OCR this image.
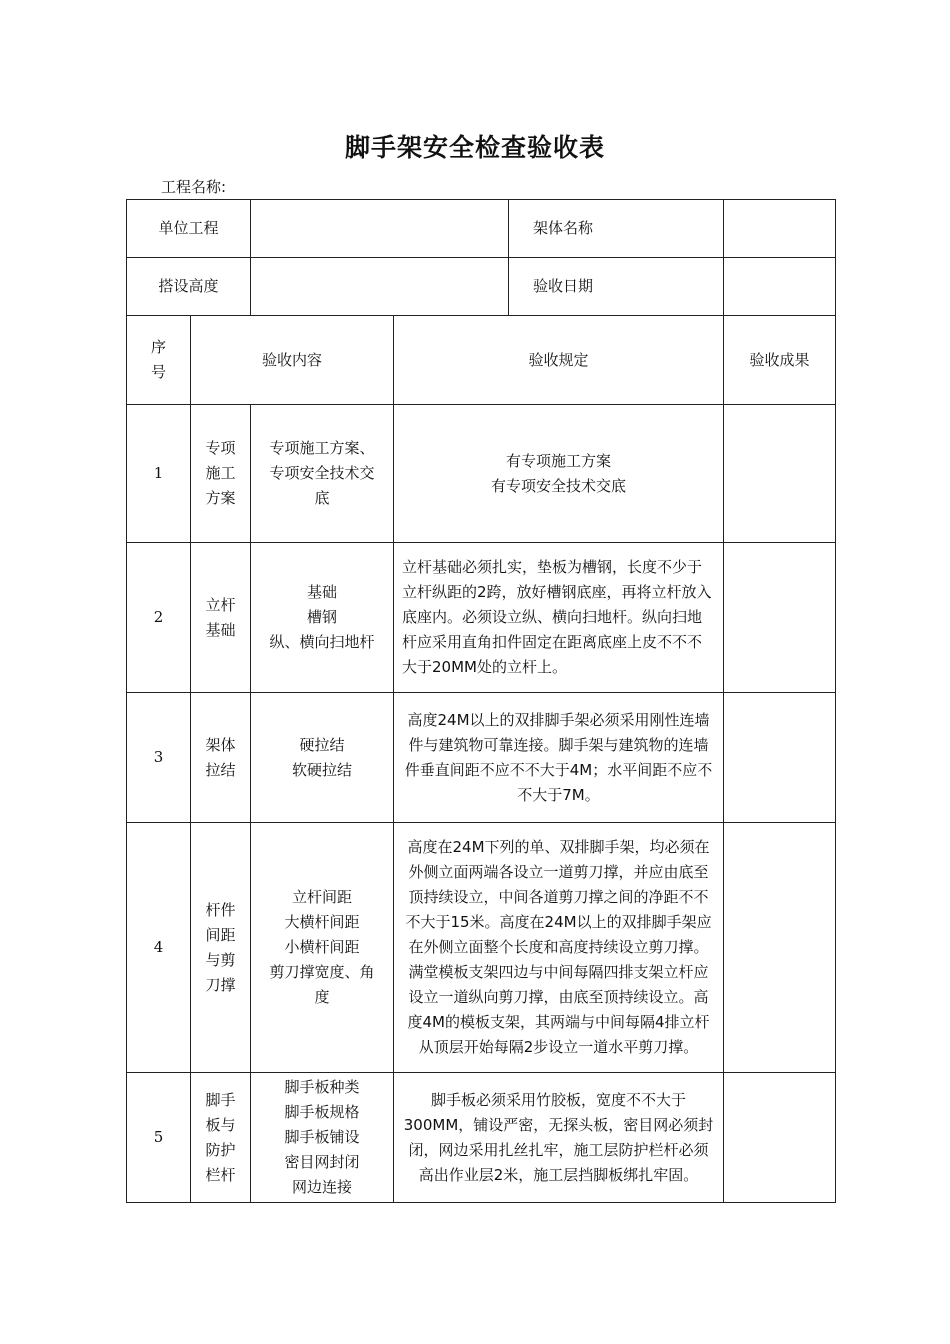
脚手架安全检查验收表
工程名称:
单位工程		架体名称	
搭设高度		验收日期	
序
号	验收内容		验收规定	验收成果
1	专项
施工
方案	专项施工方案、
专项安全技术交
底	有专项施工方案
有专项安全技术交底	
2	立杆
基础	基础
槽钢
纵、横向扫地杆	立杆基础必须扎实，垫板为槽钢，长度不少于立杆纵距的2跨，放好槽钢底座，再将立杆放入底座内。必须设立纵、横向扫地杆。纵向扫地杆应采用直角扣件固定在距离底座上皮不不不大于20MM处的立杆上。	
3	架体
拉结	硬拉结
软硬拉结	高度24M以上的双排脚手架必须采用刚性连墙件与建筑物可靠连接。脚手架与建筑物的连墙件垂直间距不应不不大于4M；水平间距不应不不大于7M。	
4	杆件
间距
与剪
刀撑	立杆间距
大横杆间距
小横杆间距
剪刀撑宽度、角
度	高度在24M下列的单、双排脚手架，均必须在外侧立面两端各设立一道剪刀撑，并应由底至顶持续设立，中间各道剪刀撑之间的净距不不不大于15米。高度在24M以上的双排脚手架应在外侧立面整个长度和高度持续设立剪刀撑。满堂模板支架四边与中间每隔四排支架立杆应设立一道纵向剪刀撑，由底至顶持续设立。高度4M的模板支架，其两端与中间每隔4排立杆从顶层开始每隔2步设立一道水平剪刀撑。	
5	脚手
板与
防护
栏杆	脚手板种类
脚手板规格
脚手板铺设
密目网封闭
网边连接	脚手板必须采用竹胶板，宽度不不大于300MM，铺设严密，无探头板，密目网必须封闭，网边采用扎丝扎牢，施工层防护栏杆必须高出作业层2米，施工层挡脚板绑扎牢固。	
